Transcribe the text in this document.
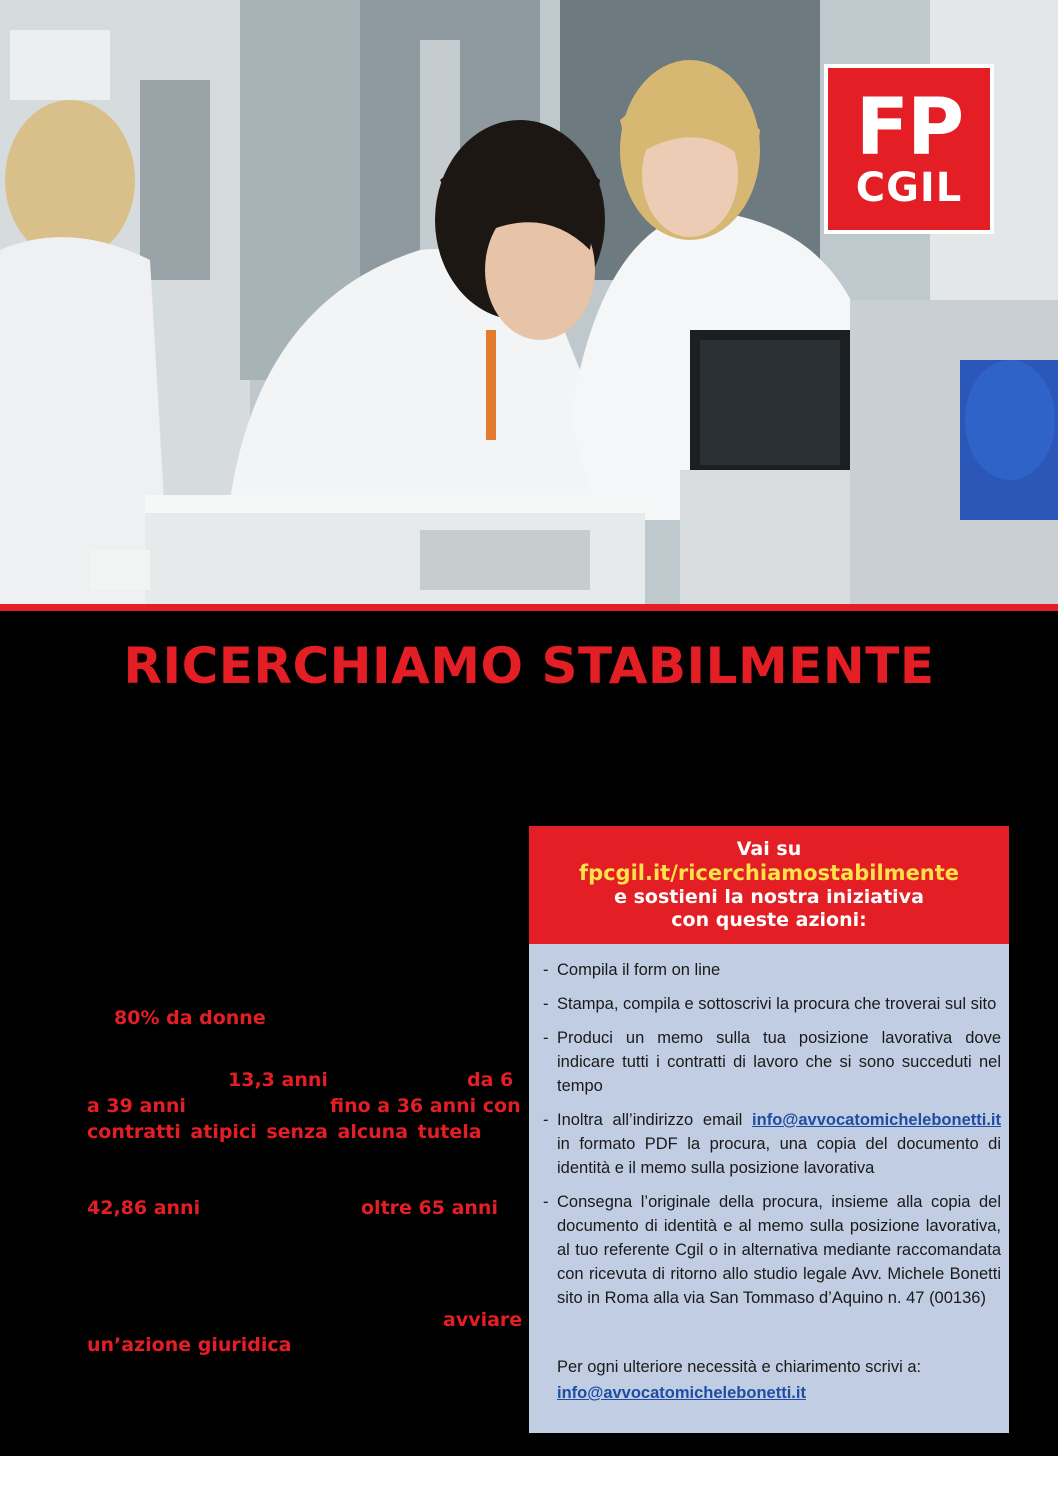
FP
CGIL
RICERCHIAMO STABILMENTE
80% da donne
13,3 anni	da 6
a 39 anni	fino a 36 anni con
contratti atipici senza alcuna tutela
42,86 anni	oltre 65 anni
avviare
un’azione giuridica
Vai su
fpcgil.it/ricerchiamostabilmente
e sostieni la nostra iniziativa
con queste azioni:
- Compila il form on line
- Stampa, compila e sottoscrivi la procura che troverai sul sito
- Produci un memo sulla tua posizione lavorativa dove indicare tutti i contratti di lavoro che si sono succeduti nel tempo
- Inoltra all’indirizzo email info@avvocatomichelebonetti.it in formato PDF la procura, una copia del documento di identità e il memo sulla posizione lavorativa
- Consegna l’originale della procura, insieme alla copia del documento di identità e al memo sulla posizione lavorativa, al tuo referente Cgil o in alternativa mediante raccomandata con ricevuta di ritorno allo studio legale Avv. Michele Bonetti sito in Roma alla via San Tommaso d’Aquino n. 47 (00136)
Per ogni ulteriore necessità e chiarimento scrivi a:
info@avvocatomichelebonetti.it
